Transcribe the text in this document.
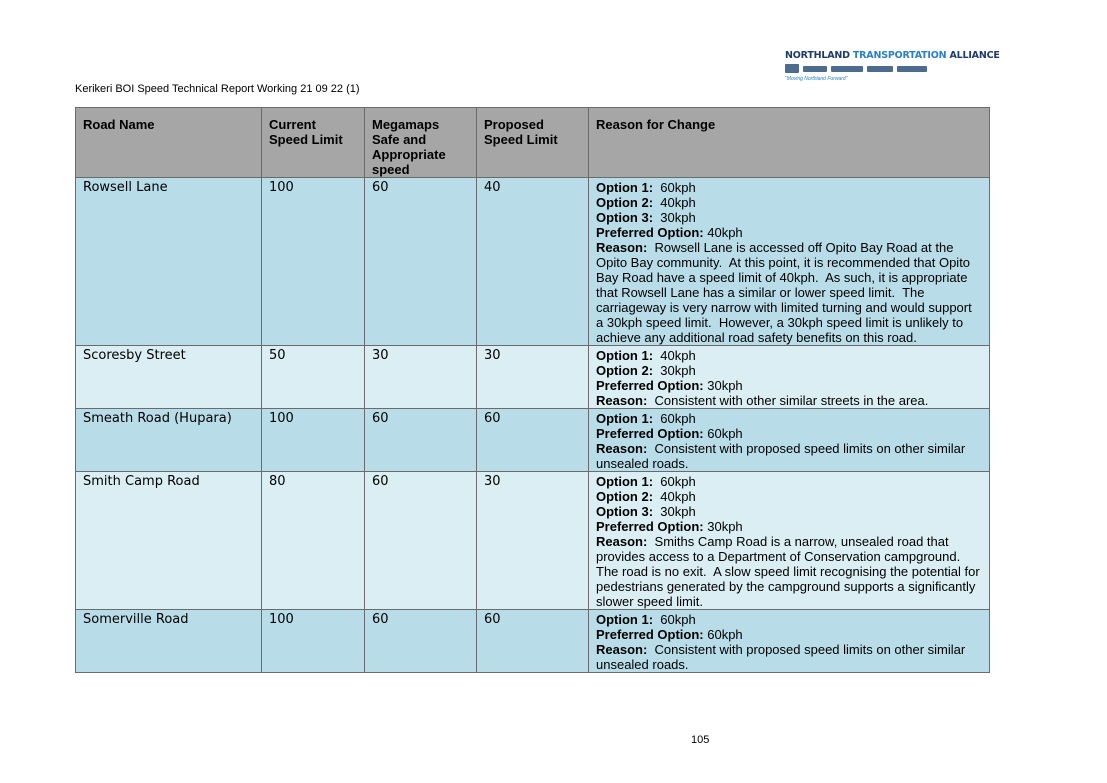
Kerikeri BOI Speed Technical Report Working 21 09 22 (1)
NORTHLAND TRANSPORTATION ALLIANCE
"Moving Northland Forward"
Road Name	Current Speed Limit	Megamaps Safe and Appropriate speed	Proposed Speed Limit	Reason for Change
Rowsell Lane	100	60	40	Option 1:  60kph
Option 2:  40kph
Option 3:  30kph
Preferred Option: 40kph
Reason:  Rowsell Lane is accessed off Opito Bay Road at the Opito Bay community.  At this point, it is recommended that Opito Bay Road have a speed limit of 40kph.  As such, it is appropriate that Rowsell Lane has a similar or lower speed limit.  The carriageway is very narrow with limited turning and would support a 30kph speed limit.  However, a 30kph speed limit is unlikely to achieve any additional road safety benefits on this road.

Scoresby Street	50	30	30	Option 1:  40kph
Option 2:  30kph
Preferred Option: 30kph
Reason:  Consistent with other similar streets in the area.

Smeath Road (Hupara)	100	60	60	Option 1:  60kph
Preferred Option: 60kph
Reason:  Consistent with proposed speed limits on other similar unsealed roads.

Smith Camp Road	80	60	30	Option 1:  60kph
Option 2:  40kph
Option 3:  30kph
Preferred Option: 30kph
Reason:  Smiths Camp Road is a narrow, unsealed road that provides access to a Department of Conservation campground.  The road is no exit.  A slow speed limit recognising the potential for pedestrians generated by the campground supports a significantly slower speed limit.

Somerville Road	100	60	60	Option 1:  60kph
Preferred Option: 60kph
Reason:  Consistent with proposed speed limits on other similar unsealed roads.
105
